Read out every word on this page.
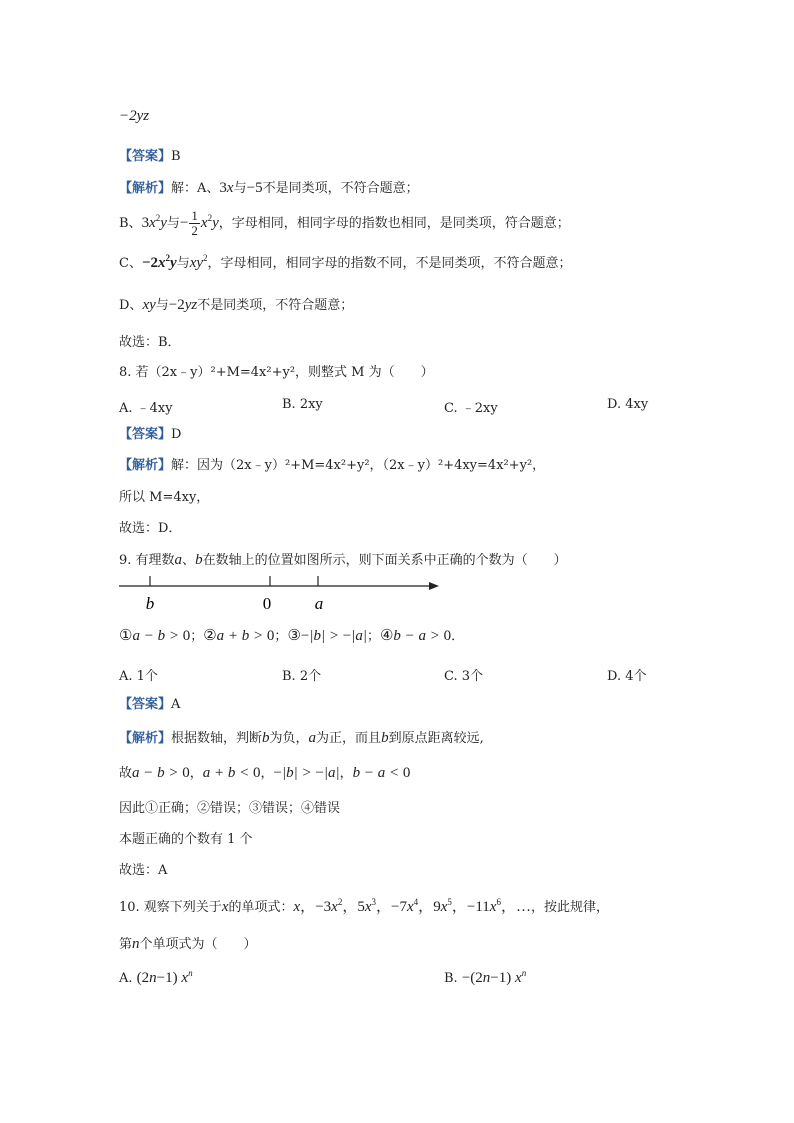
−2yz
【答案】B
【解析】解：A、3x与−5不是同类项，不符合题意；
B、$3x^2y$与− $\frac{1}{2} x^2y$，字母相同，相同字母的指数也相同，是同类项，符合题意；
C、$-2x^2y$与$xy^2$，字母相同，相同字母的指数不同，不是同类项，不符合题意；
D、xy与−2yz不是同类项，不符合题意；
故选：B．
8. 若（2x﹣y）²+M=4x²+y²，则整式 M 为（　　）
A. ﹣4xy	B. 2xy	C. ﹣2xy	D. 4xy
【答案】D
【解析】解：因为（2x﹣y）²+M=4x²+y²，（2x﹣y）²+4xy=4x²+y²，
所以 M=4xy，
故选：D．
9. 有理数a、b在数轴上的位置如图所示，则下面关系中正确的个数为（　　）
b	0	a
①a − b > 0；②a + b > 0；③−|b| > −|a|；④b − a > 0．
A. 1个	B. 2个	C. 3个	D. 4个
【答案】A
【解析】根据数轴，判断b为负，a为正，而且b到原点距离较远,
故a − b > 0，a + b < 0，−|b| > −|a|，b − a < 0
因此①正确；②错误；③错误；④错误
本题正确的个数有 1 个
故选：A
10. 观察下列关于x的单项式：x，$-3x^2$，$5x^3$，$-7x^4$，$9x^5$，$-11x^6$，…，按此规律，
第n个单项式为（　　）
A. (2n−1) $x^n$	B. −(2n−1) $x^n$
